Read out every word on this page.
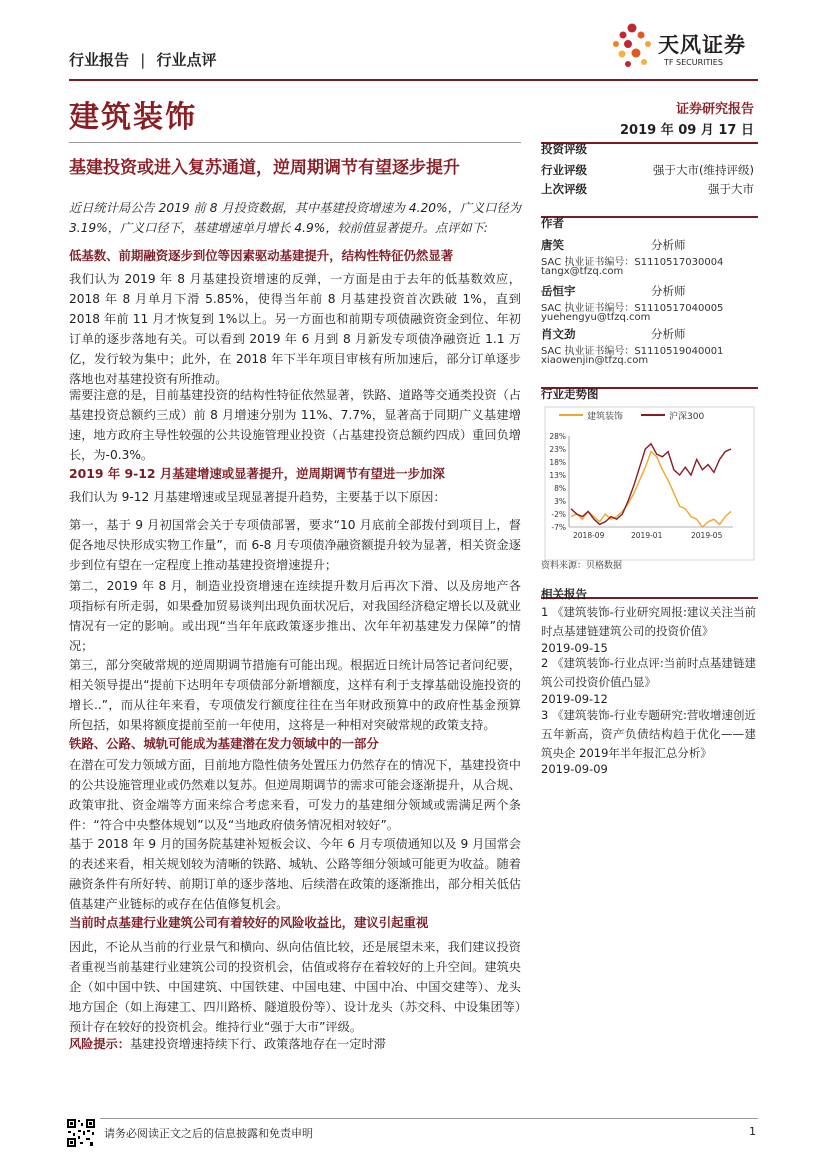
行业报告 | 行业点评
天风证券
TF SECURITIES
建筑装饰	证券研究报告
2019 年 09 月 17 日
基建投资或进入复苏通道，逆周期调节有望逐步提升
近日统计局公告 2019 前 8 月投资数据，其中基建投资增速为 4.20%，广义口径为 3.19%，广义口径下，基建增速单月增长 4.9%，较前值显著提升。点评如下:
低基数、前期融资逐步到位等因素驱动基建提升，结构性特征仍然显著
我们认为 2019 年 8 月基建投资增速的反弹，一方面是由于去年的低基数效应，2018 年 8 月单月下滑 5.85%，使得当年前 8 月基建投资首次跌破 1%，直到 2018 年前 11 月才恢复到 1%以上。另一方面也和前期专项债融资资金到位、年初订单的逐步落地有关。可以看到 2019 年 6 月到 8 月新发专项债净融资近 1.1 万亿，发行较为集中；此外，在 2018 年下半年项目审核有所加速后，部分订单逐步落地也对基建投资有所推动。
需要注意的是，目前基建投资的结构性特征依然显著，铁路、道路等交通类投资（占基建投资总额约三成）前 8 月增速分别为 11%、7.7%，显著高于同期广义基建增速，地方政府主导性较强的公共设施管理业投资（占基建投资总额约四成）重回负增长，为-0.3%。
2019 年 9-12 月基建增速或显著提升，逆周期调节有望进一步加深
我们认为 9-12 月基建增速或呈现显著提升趋势，主要基于以下原因：
第一，基于 9 月初国常会关于专项债部署，要求“10 月底前全部拨付到项目上，督促各地尽快形成实物工作量”，而 6-8 月专项债净融资额提升较为显著，相关资金逐步到位有望在一定程度上推动基建投资增速提升；
第二，2019 年 8 月，制造业投资增速在连续提升数月后再次下滑、以及房地产各项指标有所走弱，如果叠加贸易谈判出现负面状况后，对我国经济稳定增长以及就业情况有一定的影响。或出现“当年年底政策逐步推出、次年年初基建发力保障”的情况；
第三，部分突破常规的逆周期调节措施有可能出现。根据近日统计局答记者问纪要，相关领导提出“提前下达明年专项债部分新增额度，这样有利于支撑基础设施投资的增长..”，而从往年来看，专项债发行额度往往在当年财政预算中的政府性基金预算所包括，如果将额度提前至前一年使用，这将是一种相对突破常规的政策支持。
铁路、公路、城轨可能成为基建潜在发力领域中的一部分
在潜在可发力领域方面，目前地方隐性债务处置压力仍然存在的情况下，基建投资中的公共设施管理业或仍然难以复苏。但逆周期调节的需求可能会逐渐提升，从合规、政策审批、资金端等方面来综合考虑来看，可发力的基建细分领域或需满足两个条件：“符合中央整体规划”以及“当地政府债务情况相对较好”。
基于 2018 年 9 月的国务院基建补短板会议、今年 6 月专项债通知以及 9 月国常会的表述来看，相关规划较为清晰的铁路、城轨、公路等细分领域可能更为收益。随着融资条件有所好转、前期订单的逐步落地、后续潜在政策的逐渐推出，部分相关低估值基建产业链标的或存在估值修复机会。
当前时点基建行业建筑公司有着较好的风险收益比，建议引起重视
因此，不论从当前的行业景气和横向、纵向估值比较，还是展望未来，我们建议投资者重视当前基建行业建筑公司的投资机会，估值或将存在着较好的上升空间。建筑央企（如中国中铁、中国建筑、中国铁建、中国电建、中国中冶、中国交建等）、龙头地方国企（如上海建工、四川路桥、隧道股份等）、设计龙头（苏交科、中设集团等）预计存在较好的投资机会。维持行业“强于大市”评级。
风险提示：基建投资增速持续下行、政策落地存在一定时滞
投资评级
行业评级	强于大市(维持评级)
上次评级	强于大市
作者
唐笑	分析师
SAC 执业证书编号：S1110517030004
tangx@tfzq.com
岳恒宇	分析师
SAC 执业证书编号：S1110517040005
yuehengyu@tfzq.com
肖文劲	分析师
SAC 执业证书编号：S1110519040001
xiaowenjin@tfzq.com
行业走势图
建筑装饰	沪深300
28%
23%
18%
13%
8%
3%
-2%
-7%
2018-09	2019-01	2019-05
资料来源：贝格数据
相关报告
1 《建筑装饰-行业研究周报:建议关注当前时点基建链建筑公司的投资价值》
2019-09-15
2 《建筑装饰-行业点评:当前时点基建链建筑公司投资价值凸显》
2019-09-12
3 《建筑装饰-行业专题研究:营收增速创近五年新高，资产负债结构趋于优化——建筑央企 2019年半年报汇总分析》
2019-09-09
请务必阅读正文之后的信息披露和免责申明	1
